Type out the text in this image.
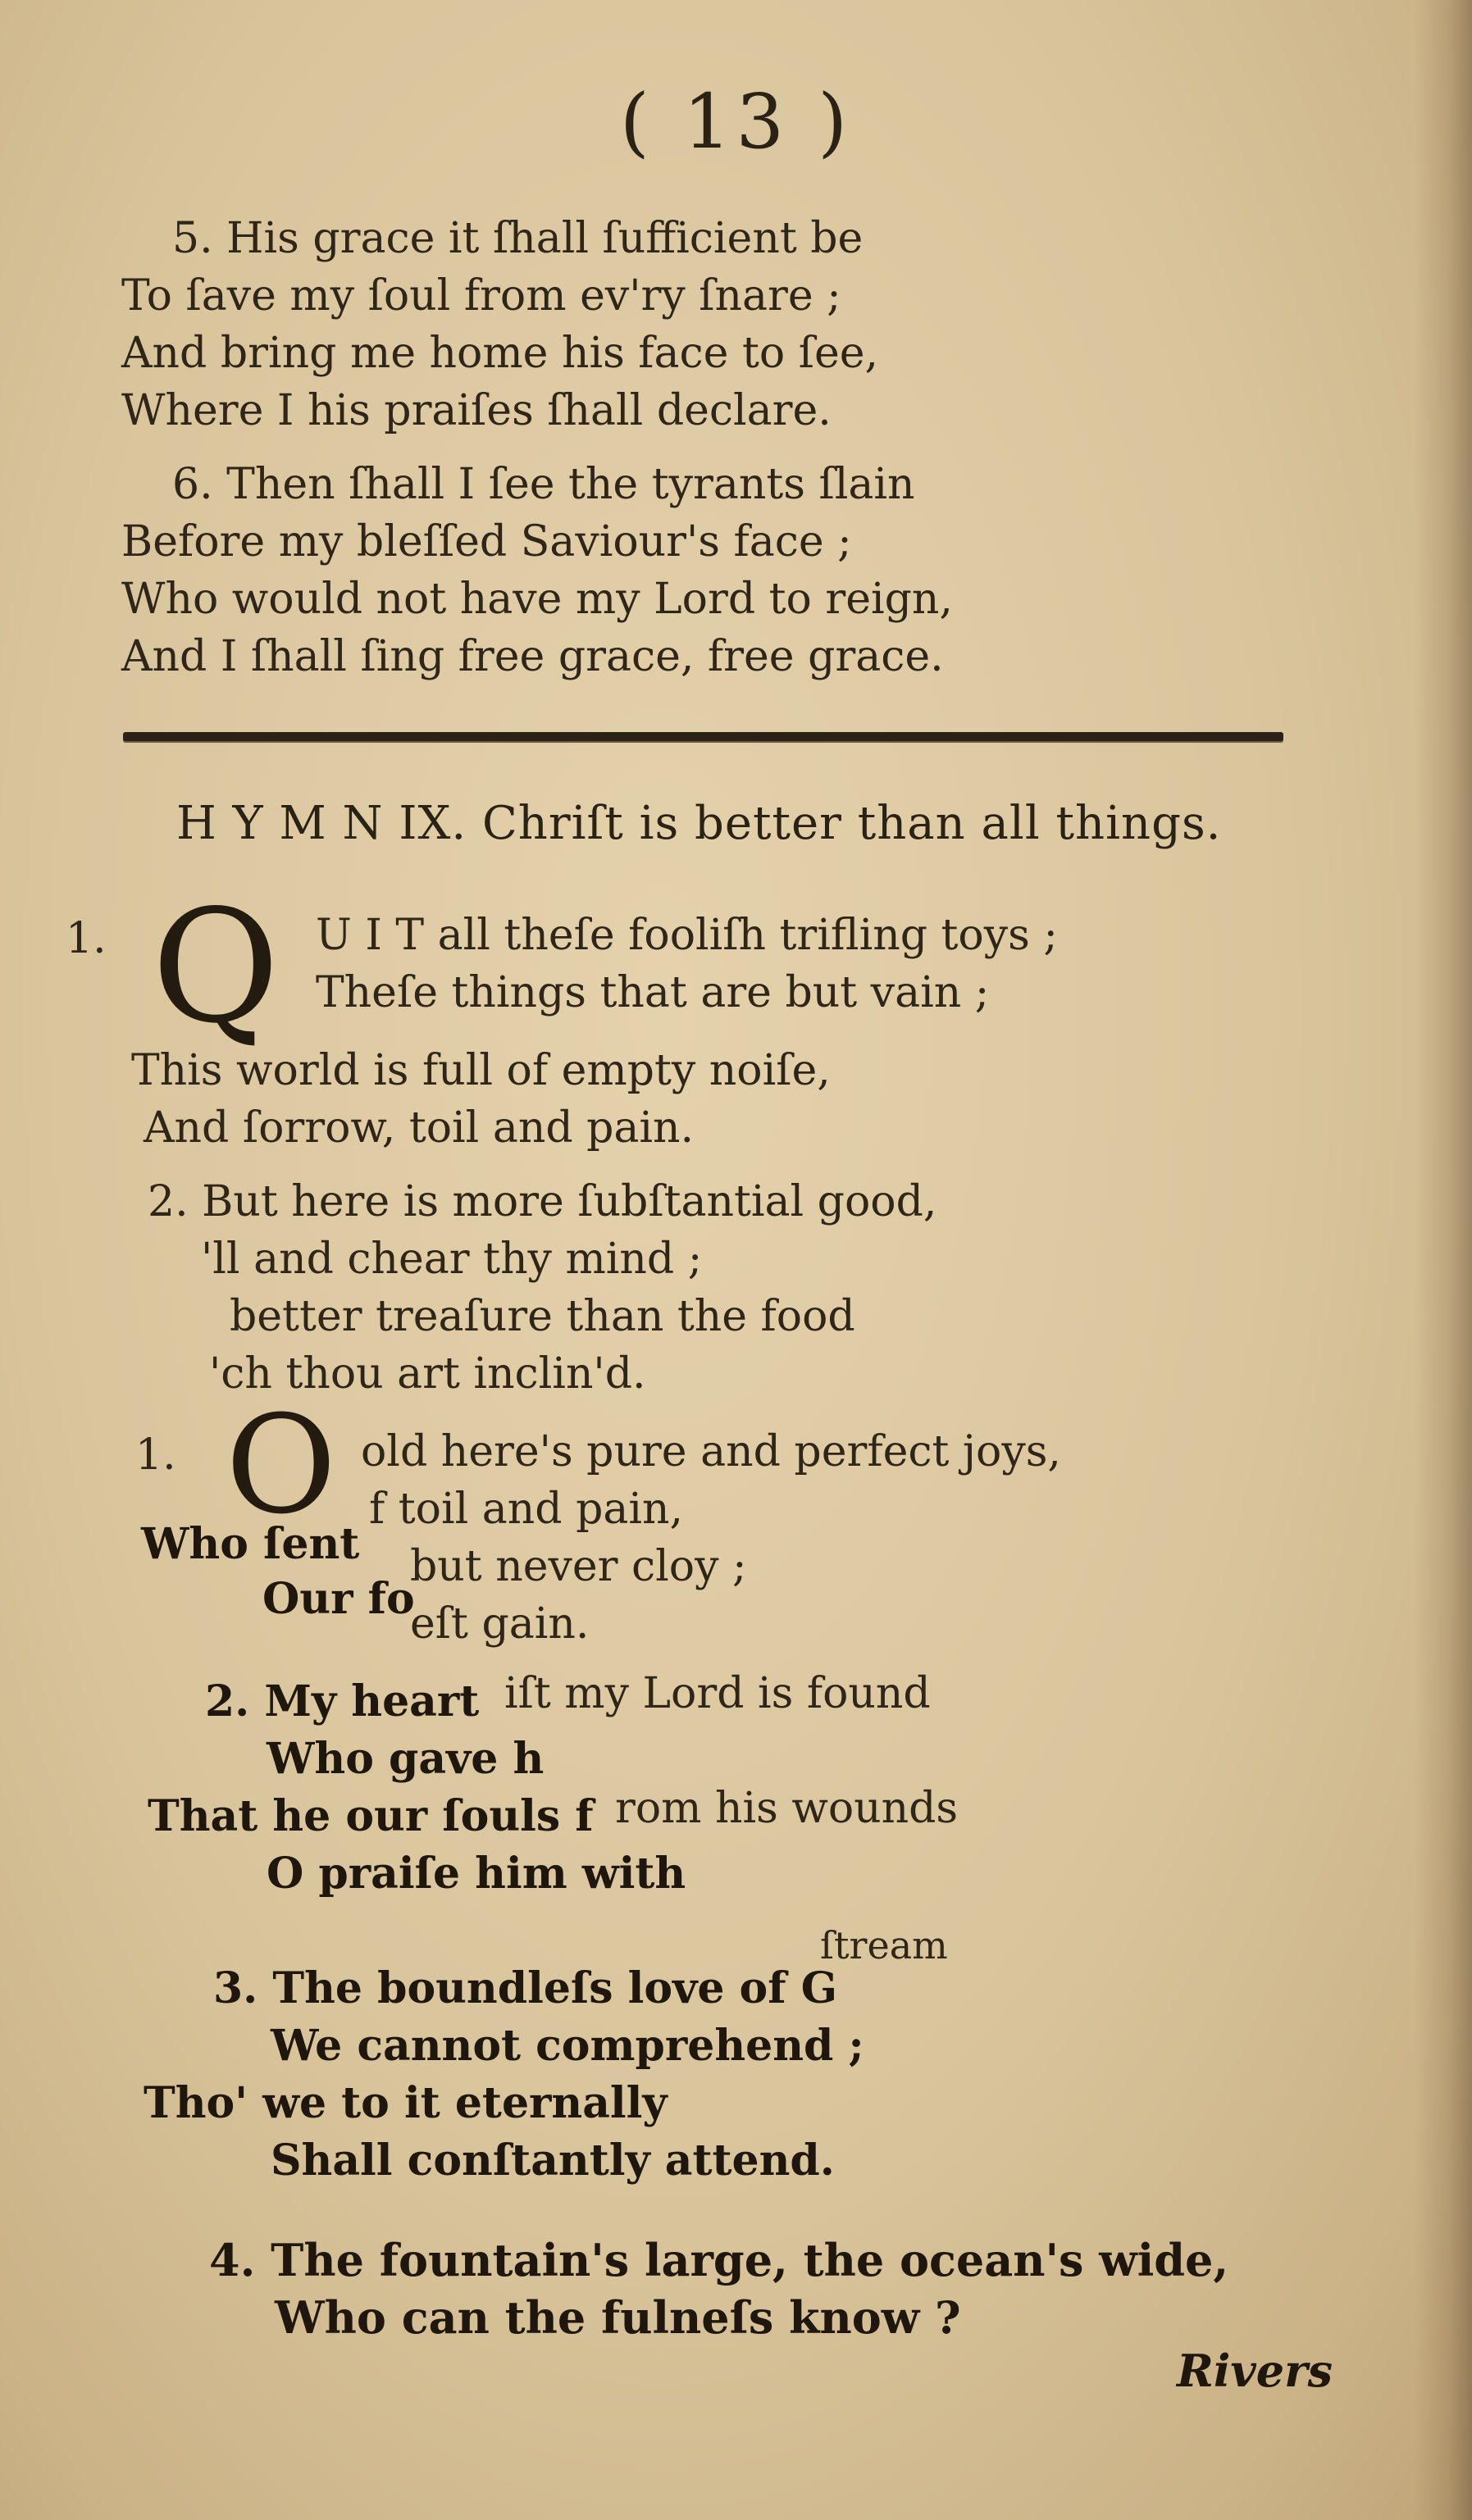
( 13 )
5. His grace it ſhall ſufficient be
To ſave my ſoul from ev'ry ſnare ;
And bring me home his face to ſee,
Where I his praiſes ſhall declare.
6. Then ſhall I ſee the tyrants ſlain
Before my bleſſed Saviour's face ;
Who would not have my Lord to reign,
And I ſhall ſing free grace, free grace.
H Y M N IX. Chriſt is better than all things.
1. Q U I T all theſe fooliſh trifling toys ;
Theſe things that are but vain ;
This world is full of empty noiſe,
And ſorrow, toil and pain.
2. But here is more ſubſtantial good,
'll and chear thy mind ;
better treaſure than the food
'ch thou art inclin'd.
1. O old here's pure and perfect joys,
f toil and pain,
Who ſent but never cloy ;
Our fo
eſt gain.
2. My heart iſt my Lord is found
Who gave h
That he our ſouls f rom his wounds
O praiſe him with
ſtream
3. The boundleſs love of G
We cannot comprehend ;
Tho' we to it eternally
Shall conſtantly attend.
4. The fountain's large, the ocean's wide,
Who can the fulneſs know ?
Rivers
